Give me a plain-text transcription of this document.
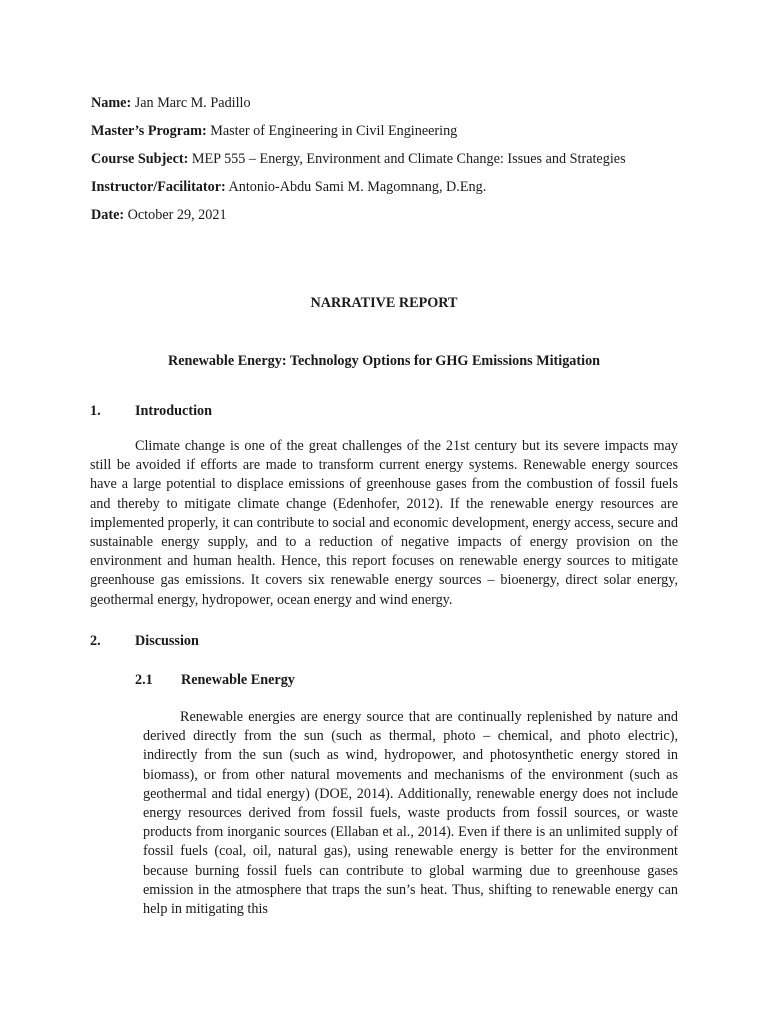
Name: Jan Marc M. Padillo
Master’s Program: Master of Engineering in Civil Engineering
Course Subject: MEP 555 – Energy, Environment and Climate Change: Issues and Strategies
Instructor/Facilitator: Antonio-Abdu Sami M. Magomnang, D.Eng.
Date: October 29, 2021
NARRATIVE REPORT
Renewable Energy: Technology Options for GHG Emissions Mitigation
1. Introduction

Climate change is one of the great challenges of the 21st century but its severe impacts may still be avoided if efforts are made to transform current energy systems. Renewable energy sources have a large potential to displace emissions of greenhouse gases from the combustion of fossil fuels and thereby to mitigate climate change (Edenhofer, 2012). If the renewable energy resources are implemented properly, it can contribute to social and economic development, energy access, secure and sustainable energy supply, and to a reduction of negative impacts of energy provision on the environment and human health. Hence, this report focuses on renewable energy sources to mitigate greenhouse gas emissions. It covers six renewable energy sources – bioenergy, direct solar energy, geothermal energy, hydropower, ocean energy and wind energy.

2. Discussion
2.1 Renewable Energy

Renewable energies are energy source that are continually replenished by nature and derived directly from the sun (such as thermal, photo – chemical, and photo electric), indirectly from the sun (such as wind, hydropower, and photosynthetic energy stored in biomass), or from other natural movements and mechanisms of the environment (such as geothermal and tidal energy) (DOE, 2014). Additionally, renewable energy does not include energy resources derived from fossil fuels, waste products from fossil sources, or waste products from inorganic sources (Ellaban et al., 2014). Even if there is an unlimited supply of fossil fuels (coal, oil, natural gas), using renewable energy is better for the environment because burning fossil fuels can contribute to global warming due to greenhouse gases emission in the atmosphere that traps the sun’s heat. Thus, shifting to renewable energy can help in mitigating this
